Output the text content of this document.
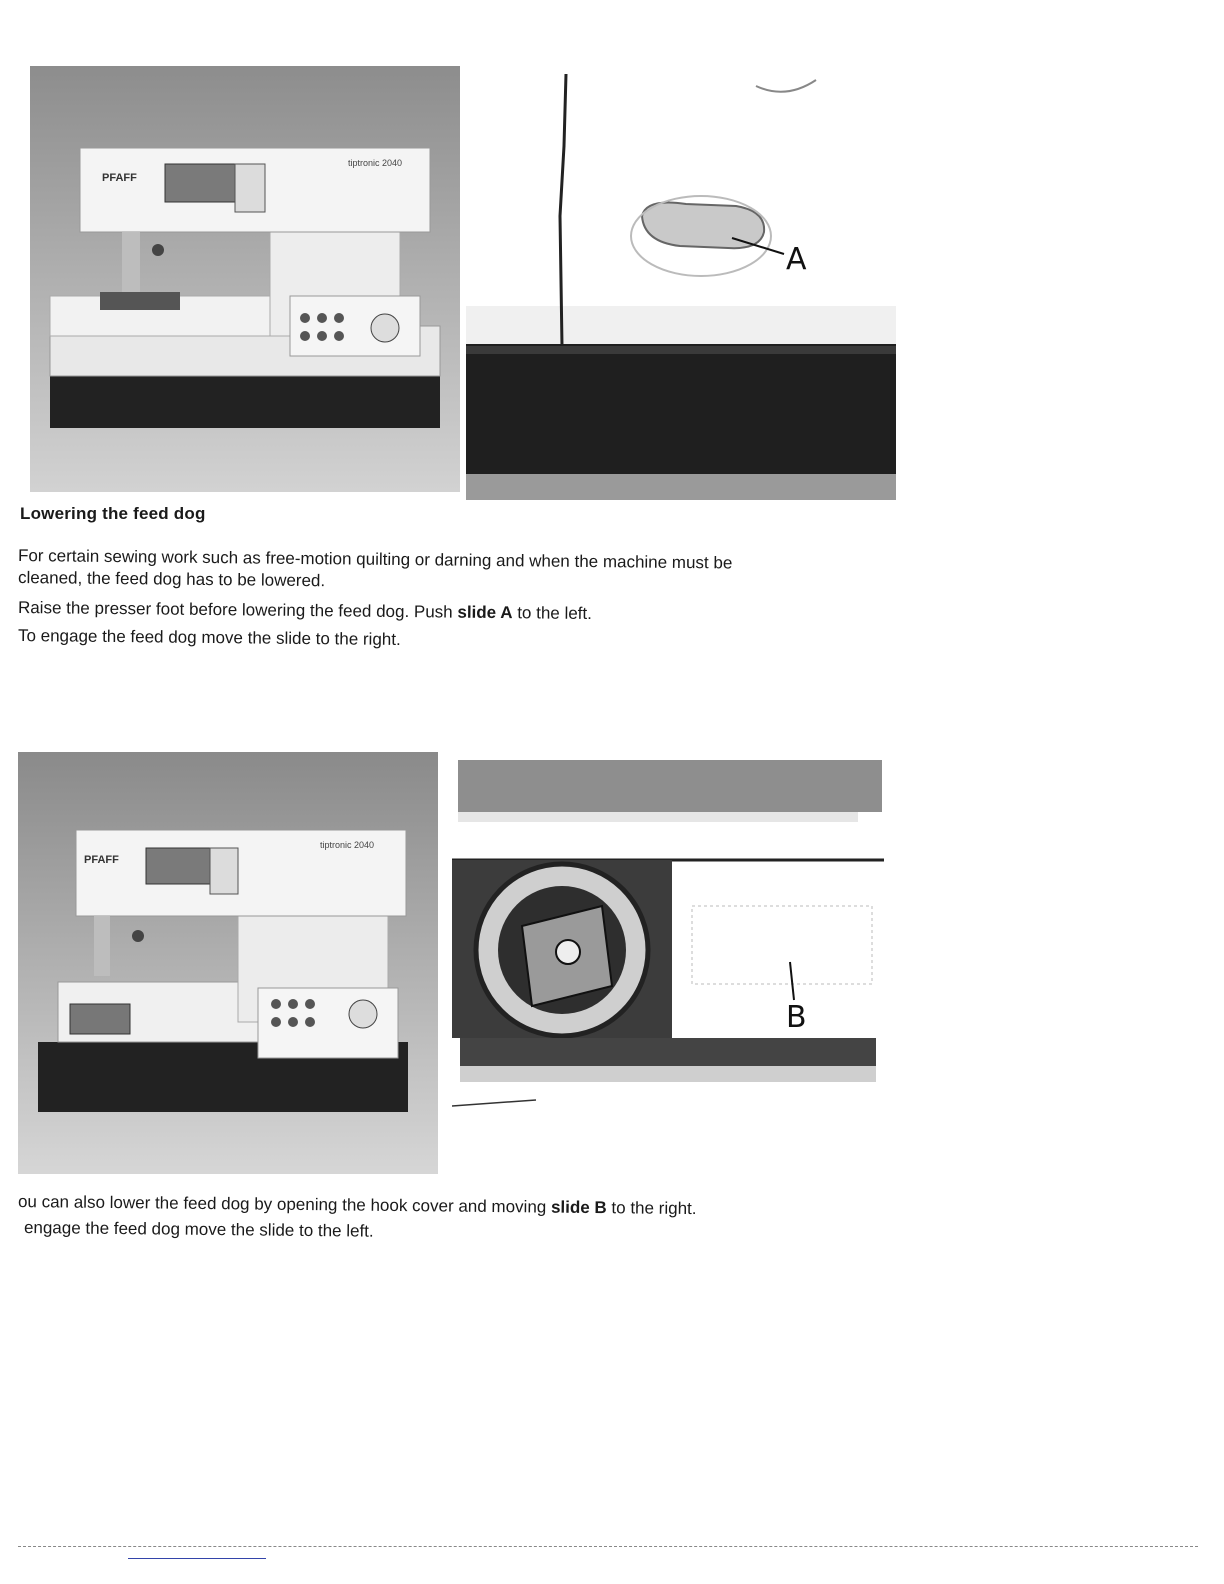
PFAFF
tiptronic 2040
A
Lowering the feed dog
For certain sewing work such as free-motion quilting or darning and when the machine must be
cleaned, the feed dog has to be lowered.
Raise the presser foot before lowering the feed dog. Push slide A to the left.
To engage the feed dog move the slide to the right.
PFAFF
tiptronic 2040
B
ou can also lower the feed dog by opening the hook cover and moving slide B to the right.
engage the feed dog move the slide to the left.
